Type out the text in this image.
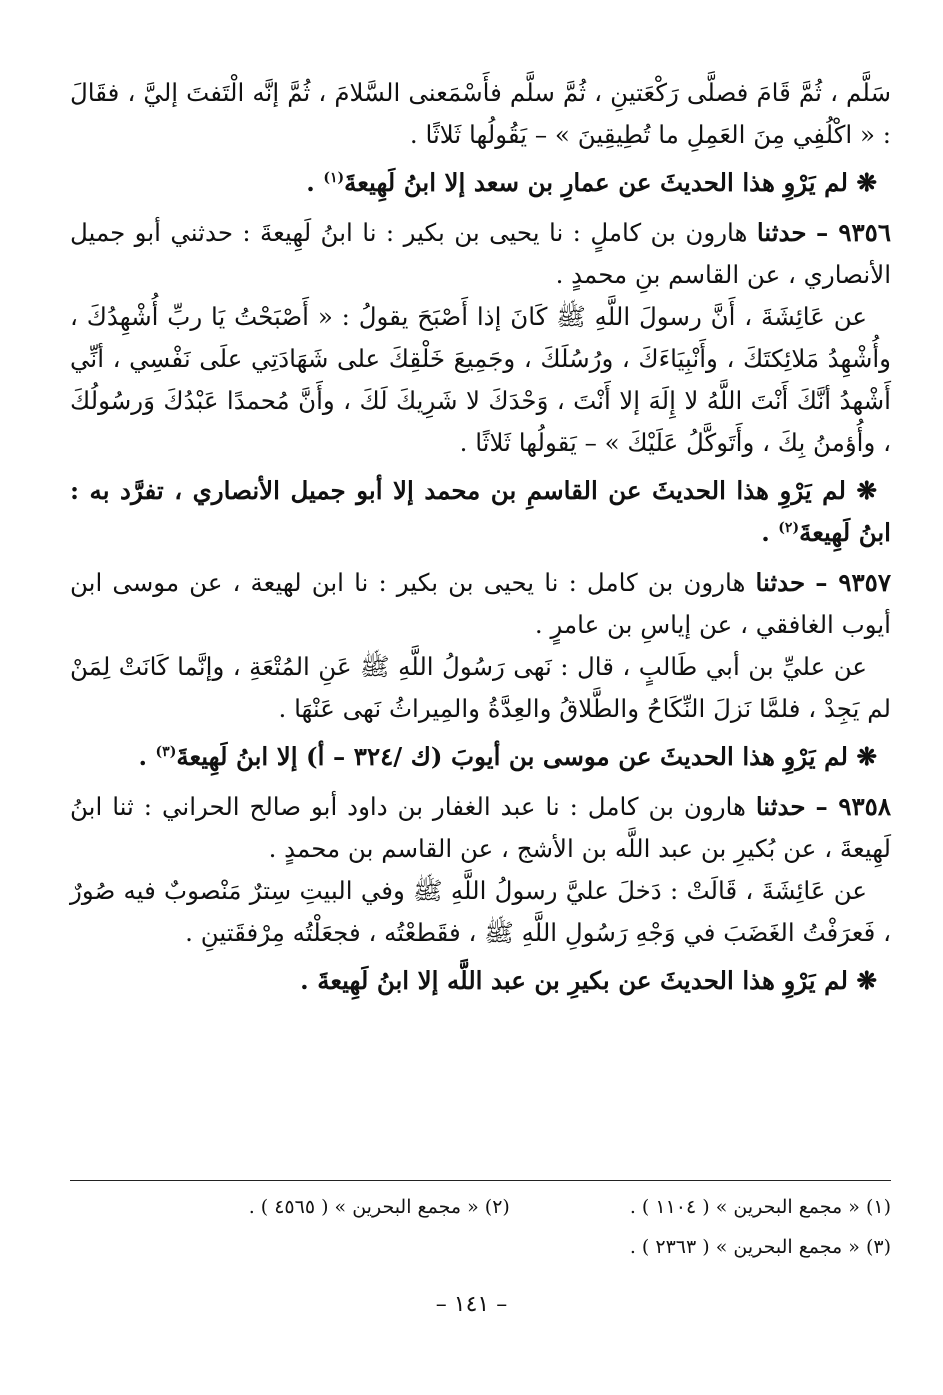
سَلَّم ، ثُمَّ قَامَ فصلَّى رَكْعَتينِ ، ثُمَّ سلَّم فأَسْمَعنى السَّلامَ ، ثُمَّ إنَّه الْتَفتَ إليَّ ، فقَالَ : « اكْلُفِي مِنَ العَمِلِ ما تُطِيقِينَ » – يَقُولُها ثَلاثًا .

❋ لم يَرْوِ هذا الحديثَ عن عمارِ بن سعد إلا ابنُ لَهِيعةَ$^{(١)}$ .

٩٣٥٦ – حدثنا هارون بن كاملٍ : نا يحيى بن بكير : نا ابنُ لَهِيعةَ : حدثني أبو جميل الأنصاري ، عن القاسم بنِ محمدٍ .

عن عَائِشَةَ ، أَنَّ رسولَ اللَّهِ ﷺ كَانَ إذا أَصْبَحَ يقولُ : « أَصْبَحْتُ يَا ربِّ أُشْهِدُكَ ، وأُشْهِدُ مَلائِكتَكَ ، وأَنْبِيَاءَكَ ، ورُسُلَكَ ، وجَمِيعَ خَلْقِكَ على شَهَادَتِي علَى نَفْسِي ، أنِّي أَشْهدُ أنَّكَ أَنْتَ اللَّهُ لا إِلَهَ إلا أَنْتَ ، وَحْدَكَ لا شَرِيكَ لَكَ ، وأَنَّ مُحمدًا عَبْدُكَ وَرسُولُكَ ، وأُؤمنُ بِكَ ، وأَتَوكَّلُ عَلَيْكَ » – يَقولُها ثَلاثًا .

❋ لم يَرْوِ هذا الحديثَ عن القاسمِ بن محمد إلا أبو جميل الأنصاري ، تفرَّد به : ابنُ لَهِيعةَ$^{(٢)}$ .

٩٣٥٧ – حدثنا هارون بن كامل : نا يحيى بن بكير : نا ابن لهيعة ، عن موسى ابن أيوب الغافقي ، عن إياسِ بن عامرٍ .

عن عليِّ بن أبي طَالبٍ ، قال : نَهى رَسُولُ اللَّهِ ﷺ عَنِ المُتْعَةِ ، وإنَّما كَانَتْ لِمَنْ لم يَجِدْ ، فلمَّا نَزلَ النِّكَاحُ والطَّلاقُ والعِدَّةُ والمِيراثُ نَهى عَنْهَا .

❋ لم يَرْوِ هذا الحديثَ عن موسى بن أيوبَ (ك /٣٢٤ – أ) إلا ابنُ لَهِيعةَ$^{(٣)}$ .

٩٣٥٨ – حدثنا هارون بن كامل : نا عبد الغفار بن داود أبو صالح الحراني : ثنا ابنُ لَهِيعةَ ، عن بُكيرِ بن عبد اللَّه بن الأشج ، عن القاسم بن محمدٍ .

عن عَائِشَةَ ، قَالَتْ : دَخلَ عليَّ رسولُ اللَّهِ ﷺ وفي البيتِ سِترٌ مَنْصوبٌ فيه صُورٌ ، فَعرَفْتُ الغَضَبَ في وَجْهِ رَسُولِ اللَّهِ ﷺ ، فقَطعْتُه ، فجعَلْتُه مِرْفقَتينِ .

❋ لم يَرْوِ هذا الحديثَ عن بكيرِ بن عبد اللَّه إلا ابنُ لَهِيعةَ .

(١) « مجمع البحرين » ( ١١٠٤ ) .
(٢) « مجمع البحرين » ( ٤٥٦٥ ) .
(٣) « مجمع البحرين » ( ٢٣٦٣ ) .
– ١٤١ –
